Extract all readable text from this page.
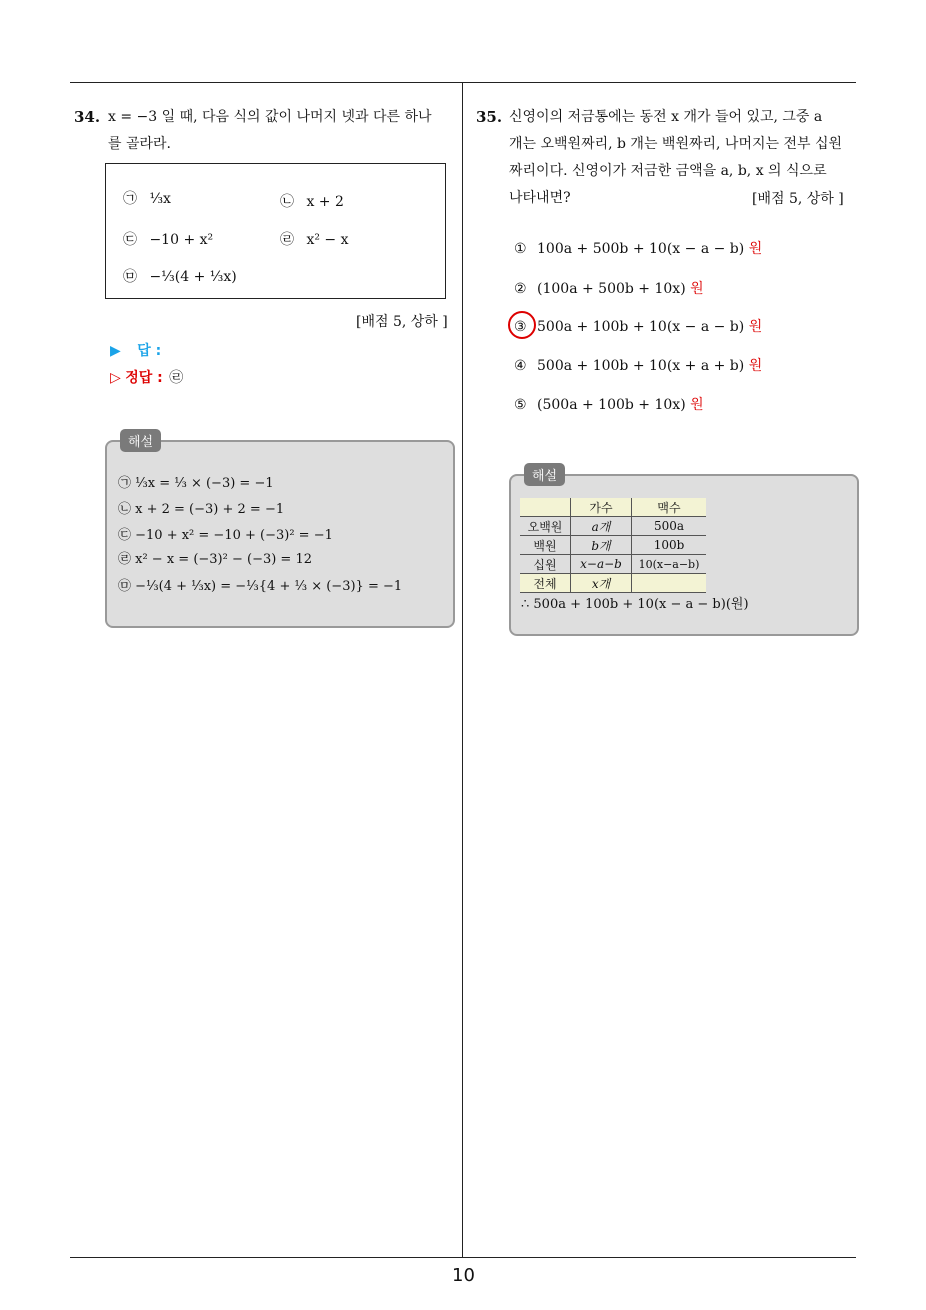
34. x = −3 일 때, 다음 식의 값이 나머지 넷과 다른 하나
를 골라라.
㉠ ⅓x	㉡ x + 2
㉢ −10 + x²	㉣ x² − x
㉤ −⅓(4 + ⅓x)
[배점 5, 상하 ]
▶ 답 :
▷ 정답 : ㉣
해설
㉠ ⅓x = ⅓ × (−3) = −1
㉡ x + 2 = (−3) + 2 = −1
㉢ −10 + x² = −10 + (−3)² = −1
㉣ x² − x = (−3)² − (−3) = 12
㉤ −⅓(4 + ⅓x) = −⅓{4 + ⅓ × (−3)} = −1
35. 신영이의 저금통에는 동전 x 개가 들어 있고, 그중 a
개는 오백원짜리, b 개는 백원짜리, 나머지는 전부 십원
짜리이다. 신영이가 저금한 금액을 a, b, x 의 식으로
나타내면?	[배점 5, 상하 ]
① 100a + 500b + 10(x − a − b) 원
② (100a + 500b + 10x) 원
③ 500a + 100b + 10(x − a − b) 원
④ 500a + 100b + 10(x + a + b) 원
⑤ (500a + 100b + 10x) 원
해설
	가수	맥수
오백원	a개	500a
백원	b개	100b
십원	x−a−b	10(x−a−b)
전체	x개	
∴ 500a + 100b + 10(x − a − b)(원)
10
